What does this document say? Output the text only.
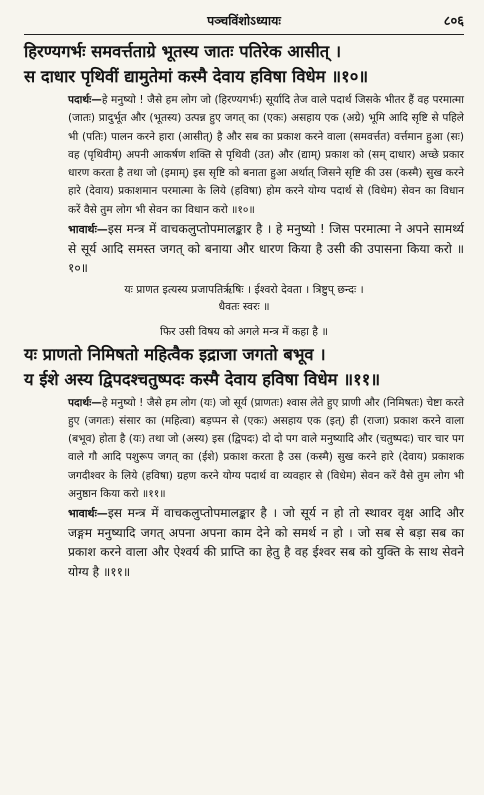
पञ्चविंशोऽध्यायः	८०६

हिरण्यगर्भः समवर्त्तताग्रे भूतस्य जातः पतिरेक आसीत् ।

स दाधार पृथिवीं द्यामुतेमां कस्मै देवाय हविषा विधेम ॥१०॥

पदार्थः—हे मनुष्यो ! जैसे हम लोग जो (हिरण्यगर्भः) सूर्यादि तेज वाले पदार्थ जिसके भीतर हैं वह परमात्मा (जातः) प्रादुर्भूत और (भूतस्य) उत्पन्न हुए जगत् का (एकः) असहाय एक (अग्रे) भूमि आदि सृष्टि से पहिले भी (पतिः) पालन करने हारा (आसीत्) है और सब का प्रकाश करने वाला (समवर्त्तत) वर्त्तमान हुआ (सः) वह (पृथिवीम्) अपनी आकर्षण शक्ति से पृथिवी (उत) और (द्याम्) प्रकाश को (सम् दाधार) अच्छे प्रकार धारण करता है तथा जो (इमाम्) इस सृष्टि को बनाता हुआ अर्थात् जिसने सृष्टि की उस (कस्मै) सुख करने हारे (देवाय) प्रकाशमान परमात्मा के लिये (हविषा) होम करने योग्य पदार्थ से (विधेम) सेवन का विधान करें वैसे तुम लोग भी सेवन का विधान करो ॥१०॥

भावार्थः—इस मन्त्र में वाचकलुप्तोपमालङ्कार है । हे मनुष्यो ! जिस परमात्मा ने अपने सामर्थ्य से सूर्य आदि समस्त जगत् को बनाया और धारण किया है उसी की उपासना किया करो ॥१०॥

यः प्राणत इत्यस्य प्रजापतिर्ऋषिः । ईश्वरो देवता । त्रिष्टुप् छन्दः ।
धैवतः स्वरः ॥
फिर उसी विषय को अगले मन्त्र में कहा है ॥

यः प्राणतो निमिषतो महित्वैक इद्राजा जगतो बभूव ।

य ईशे अस्य द्विपदश्चतुष्पदः कस्मै देवाय हविषा विधेम ॥११॥

पदार्थः—हे मनुष्यो ! जैसे हम लोग (यः) जो सूर्य (प्राणतः) श्वास लेते हुए प्राणी और (निमिषतः) चेष्टा करते हुए (जगतः) संसार का (महित्वा) बड़प्पन से (एकः) असहाय एक (इत्) ही (राजा) प्रकाश करने वाला (बभूव) होता है (यः) तथा जो (अस्य) इस (द्विपदः) दो दो पग वाले मनुष्यादि और (चतुष्पदः) चार चार पग वाले गौ आदि पशुरूप जगत् का (ईशे) प्रकाश करता है उस (कस्मै) सुख करने हारे (देवाय) प्रकाशक जगदीश्वर के लिये (हविषा) ग्रहण करने योग्य पदार्थ वा व्यवहार से (विधेम) सेवन करें वैसे तुम लोग भी अनुष्ठान किया करो ॥११॥

भावार्थः—इस मन्त्र में वाचकलुप्तोपमालङ्कार है । जो सूर्य न हो तो स्थावर वृक्ष आदि और जङ्गम मनुष्यादि जगत् अपना अपना काम देने को समर्थ न हो । जो सब से बड़ा सब का प्रकाश करने वाला और ऐश्वर्य की प्राप्ति का हेतु है वह ईश्वर सब को युक्ति के साथ सेवने योग्य है ॥११॥
